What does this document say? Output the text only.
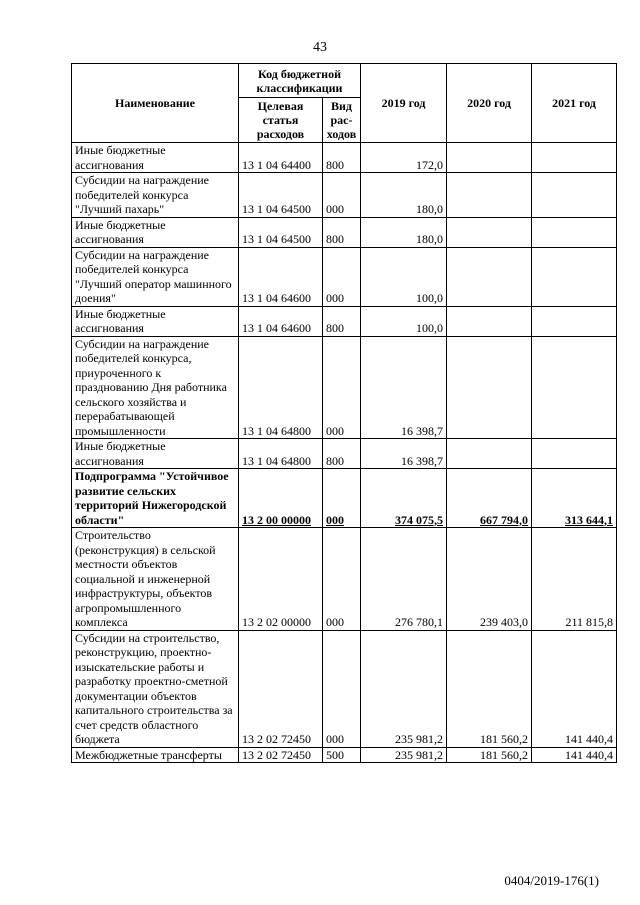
43
Наименование	Код бюджетной классификации		2019 год	2020 год	2021 год
	Целевая статья расходов	Вид рас-ходов			
Иные бюджетные ассигнования	13 1 04 64400	800	172,0		
Субсидии на награждение победителей конкурса "Лучший пахарь"	13 1 04 64500	000	180,0		
Иные бюджетные ассигнования	13 1 04 64500	800	180,0		
Субсидии на награждение победителей конкурса "Лучший оператор машинного доения"	13 1 04 64600	000	100,0		
Иные бюджетные ассигнования	13 1 04 64600	800	100,0		
Субсидии на награждение победителей конкурса, приуроченного к празднованию Дня работника сельского хозяйства и перерабатывающей промышленности	13 1 04 64800	000	16 398,7		
Иные бюджетные ассигнования	13 1 04 64800	800	16 398,7		
Подпрограмма "Устойчивое развитие сельских территорий Нижегородской области"	13 2 00 00000	000	374 075,5	667 794,0	313 644,1
Строительство (реконструкция) в сельской местности объектов социальной и инженерной инфраструктуры, объектов агропромышленного комплекса	13 2 02 00000	000	276 780,1	239 403,0	211 815,8
Субсидии на строительство, реконструкцию, проектно-изыскательские работы и разработку проектно-сметной документации объектов капитального строительства за счет средств областного бюджета	13 2 02 72450	000	235 981,2	181 560,2	141 440,4
Межбюджетные трансферты	13 2 02 72450	500	235 981,2	181 560,2	141 440,4
0404/2019-176(1)
